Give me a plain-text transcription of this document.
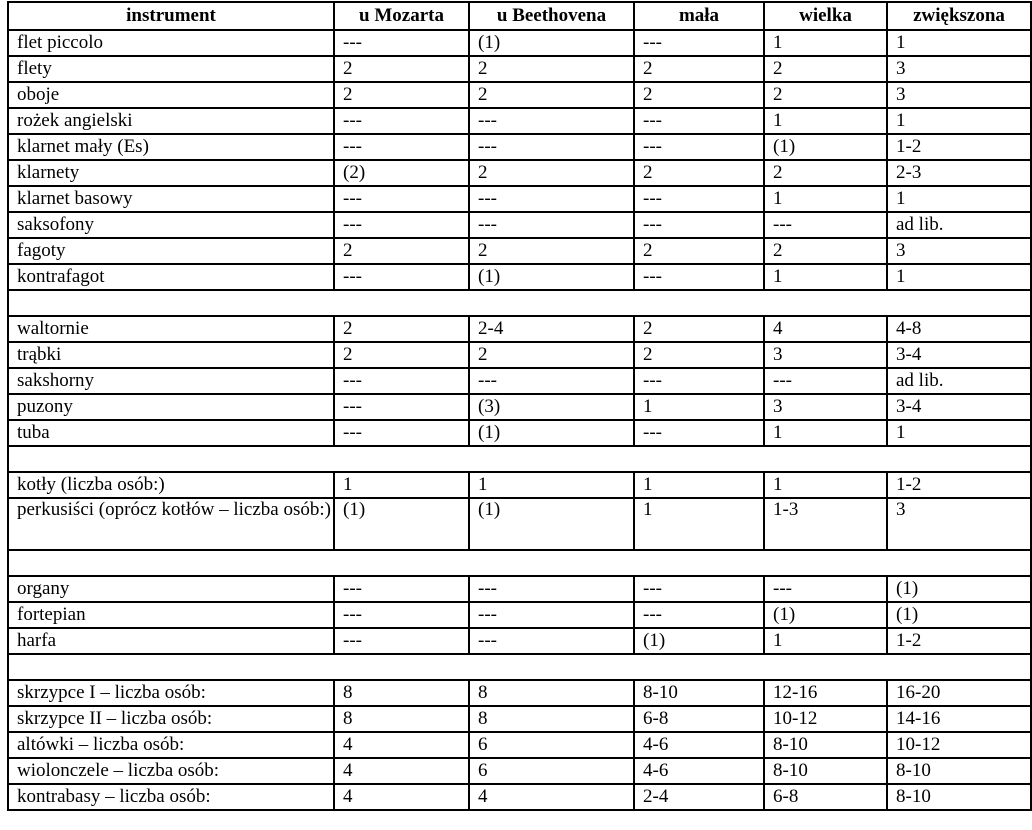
instrument	u Mozarta	u Beethovena	mała	wielka	zwiększona
flet piccolo	---	(1)	---	1	1
flety	2	2	2	2	3
oboje	2	2	2	2	3
rożek angielski	---	---	---	1	1
klarnet mały (Es)	---	---	---	(1)	1-2
klarnety	(2)	2	2	2	2-3
klarnet basowy	---	---	---	1	1
saksofony	---	---	---	---	ad lib.
fagoty	2	2	2	2	3
kontrafagot	---	(1)	---	1	1

waltornie	2	2-4	2	4	4-8
trąbki	2	2	2	3	3-4
sakshorny	---	---	---	---	ad lib.
puzony	---	(3)	1	3	3-4
tuba	---	(1)	---	1	1

kotły (liczba osób:)	1	1	1	1	1-2
perkusiści (oprócz kotłów – liczba osób:)	(1)	(1)	1	1-3	3

organy	---	---	---	---	(1)
fortepian	---	---	---	(1)	(1)
harfa	---	---	(1)	1	1-2

skrzypce I – liczba osób:	8	8	8-10	12-16	16-20
skrzypce II – liczba osób:	8	8	6-8	10-12	14-16
altówki – liczba osób:	4	6	4-6	8-10	10-12
wiolonczele – liczba osób:	4	6	4-6	8-10	8-10
kontrabasy – liczba osób:	4	4	2-4	6-8	8-10
